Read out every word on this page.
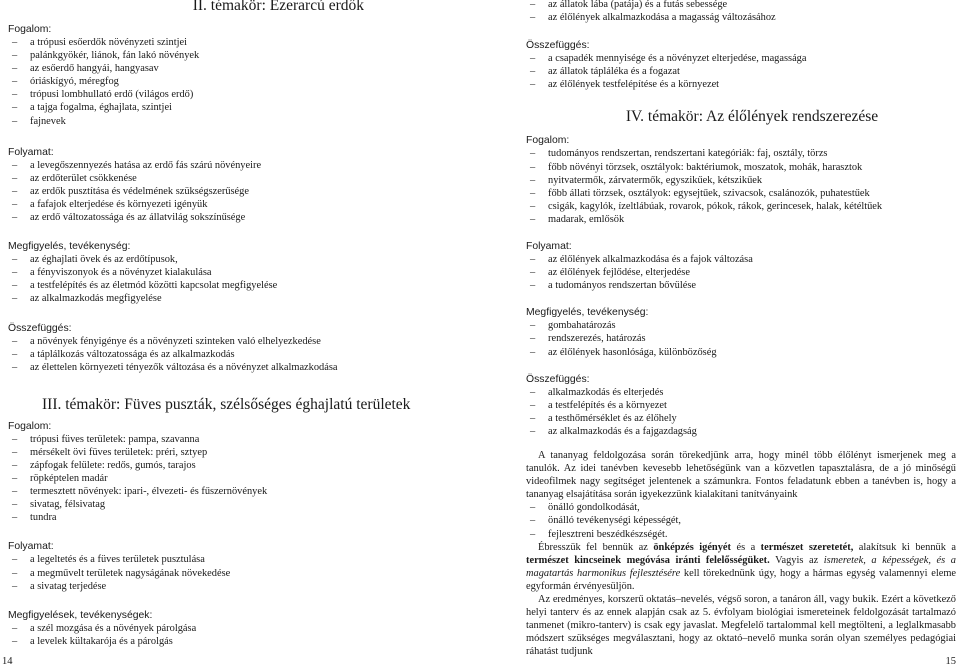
II. témakör: Ezerarcú erdők

Fogalom:

– a trópusi esőerdők növényzeti szintjei
– palánkgyökér, liánok, fán lakó növények
– az esőerdő hangyái, hangyasav
– óriáskígyó, méregfog
– trópusi lombhullató erdő (világos erdő)
– a tajga fogalma, éghajlata, szintjei
– fajnevek

Folyamat:

– a levegőszennyezés hatása az erdő fás szárú növényeire
– az erdőterület csökkenése
– az erdők pusztítása és védelmének szükségszerűsége
– a fafajok elterjedése és környezeti igényük
– az erdő változatossága és az állatvilág sokszínűsége

Megfigyelés, tevékenység:

– az éghajlati övek és az erdőtípusok,
– a fényviszonyok és a növényzet kialakulása
– a testfelépítés és az életmód közötti kapcsolat megfigyelése
– az alkalmazkodás megfigyelése

Összefüggés:

– a növények fényigénye és a növényzeti szinteken való elhelyezkedése
– a táplálkozás változatossága és az alkalmazkodás
– az élettelen környezeti tényezők változása és a növényzet alkalmazkodása
III. témakör: Füves puszták, szélsőséges éghajlatú területek

Fogalom:

– trópusi füves területek: pampa, szavanna
– mérsékelt övi füves területek: préri, sztyep
– zápfogak felülete: redős, gumós, tarajos
– röpképtelen madár
– termesztett növények: ipari-, élvezeti- és fűszernövények
– sivatag, félsivatag
– tundra

Folyamat:

– a legeltetés és a füves területek pusztulása
– a megművelt területek nagyságának növekedése
– a sivatag terjedése

Megfigyelések, tevékenységek:

– a szél mozgása és a növények párolgása
– a levelek kültakarója és a párolgás
14
– az állatok lába (patája) és a futás sebessége
– az élőlények alkalmazkodása a magasság változásához

Összefüggés:

– a csapadék mennyisége és a növényzet elterjedése, magassága
– az állatok tápláléka és a fogazat
– az élőlények testfelépítése és a környezet
IV. témakör: Az élőlények rendszerezése

Fogalom:

– tudományos rendszertan, rendszertani kategóriák: faj, osztály, törzs
– főbb növényi törzsek, osztályok: baktériumok, moszatok, mohák, harasztok
– nyitvatermők, zárvatermők, egyszikűek, kétszikűek
– főbb állati törzsek, osztályok: egysejtűek, szivacsok, csalánozók, puhatestűek
– csigák, kagylók, ízeltlábúak, rovarok, pókok, rákok, gerincesek, halak, kétéltűek
– madarak, emlősök

Folyamat:

– az élőlények alkalmazkodása és a fajok változása
– az élőlények fejlődése, elterjedése
– a tudományos rendszertan bővülése

Megfigyelés, tevékenység:

– gombahatározás
– rendszerezés, határozás
– az élőlények hasonlósága, különbözőség

Összefüggés:

– alkalmazkodás és elterjedés
– a testfelépítés és a környezet
– a testhőmérséklet és az élőhely
– az alkalmazkodás és a fajgazdagság

A tananyag feldolgozása során törekedjünk arra, hogy minél több élőlényt ismerjenek meg a tanulók. Az idei tanévben kevesebb lehetőségünk van a közvetlen tapasztalásra, de a jó minőségű videofilmek nagy segítséget jelentenek a számunkra. Fontos feladatunk ebben a tanévben is, hogy a tananyag elsajátítása során igyekezzünk kialakítani tanítványaink

– önálló gondolkodását,
– önálló tevékenységi képességét,
– fejlesztreni beszédkészségét.

Ébresszük fel bennük az önképzés igényét és a természet szeretetét, alakítsuk ki bennük a természet kincseinek megóvása iránti felelősségüket. Vagyis az ismeretek, a képességek, és a magatartás harmonikus fejlesztésére kell törekednünk úgy, hogy a hármas egység valamennyi eleme egyformán érvényesüljön.

Az eredményes, korszerű oktatás–nevelés, végső soron, a tanáron áll, vagy bukik. Ezért a következő helyi tanterv és az ennek alapján csak az 5. évfolyam biológiai ismereteinek feldolgozását tartalmazó tanmenet (mikro-tanterv) is csak egy javaslat. Megfelelő tartalommal kell megtölteni, a leglalkmasabb módszert szükséges megválasztani, hogy az oktató–nevelő munka során olyan személyes pedagógiai ráhatást tudjunk

15
